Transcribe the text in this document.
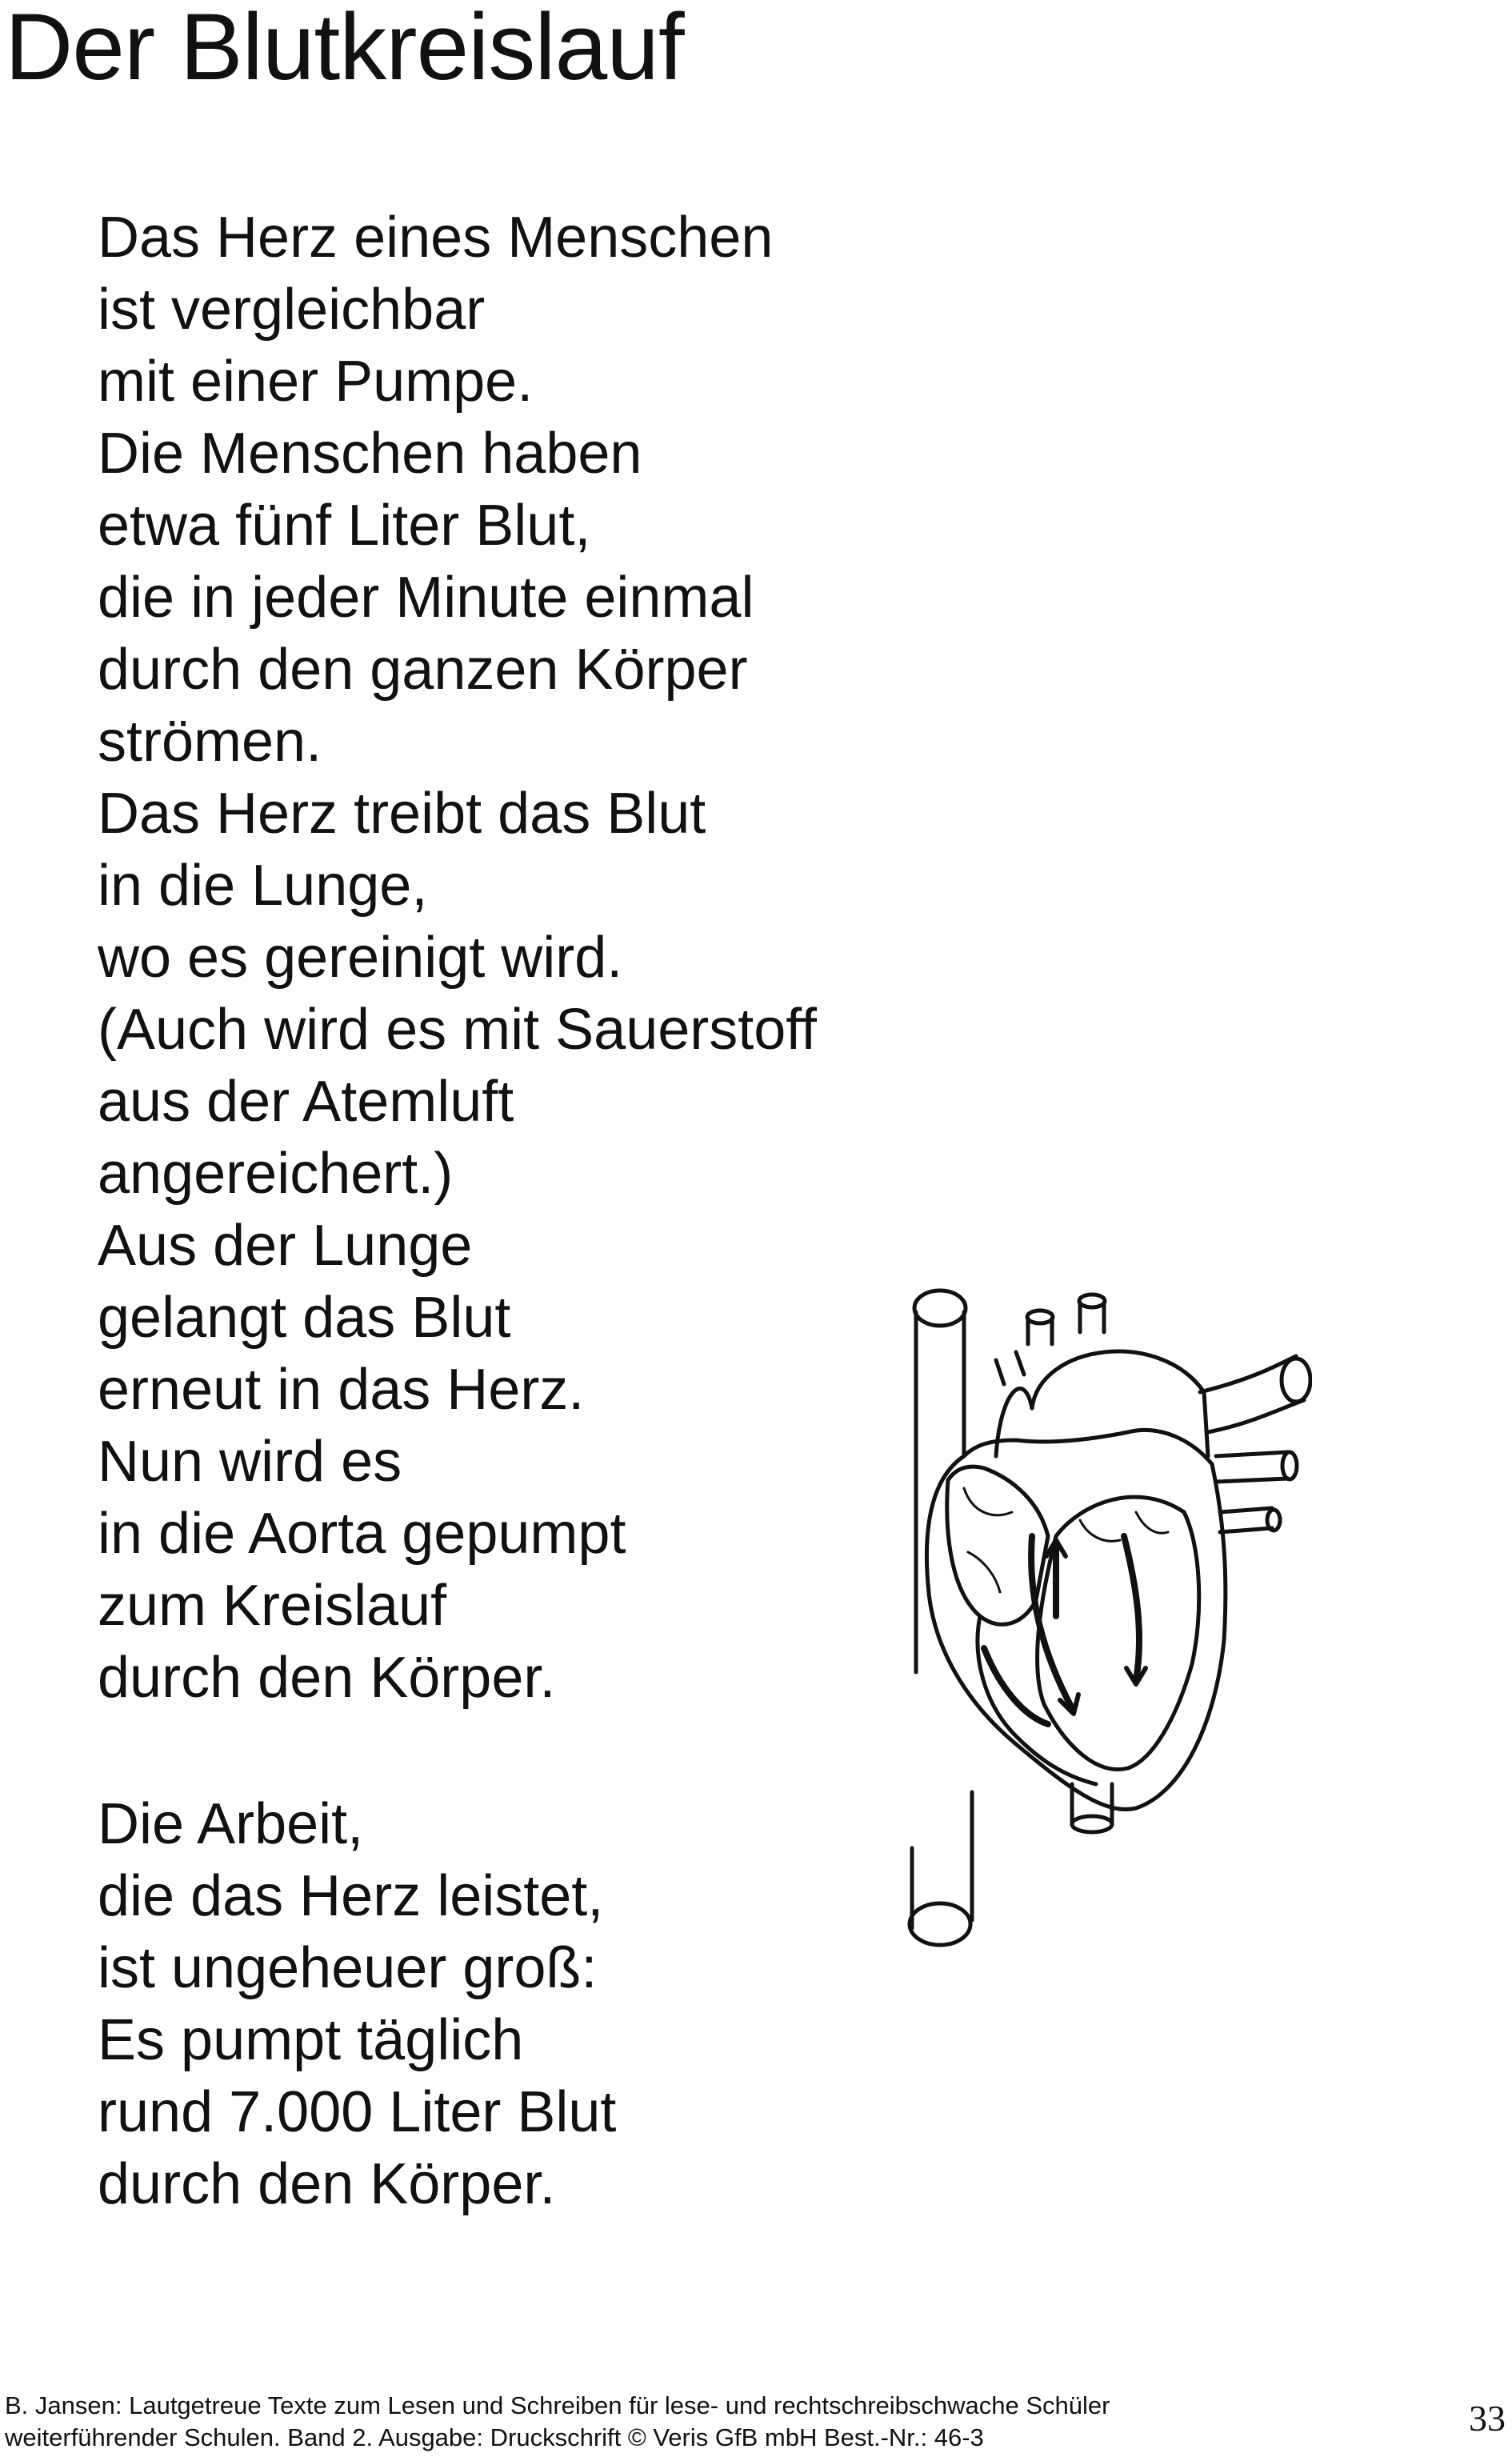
Der Blutkreislauf
Das Herz eines Menschen
ist vergleichbar
mit einer Pumpe.
Die Menschen haben
etwa fünf Liter Blut,
die in jeder Minute einmal
durch den ganzen Körper
strömen.
Das Herz treibt das Blut
in die Lunge,
wo es gereinigt wird.
(Auch wird es mit Sauerstoff
aus der Atemluft
angereichert.)
Aus der Lunge
gelangt das Blut
erneut in das Herz.
Nun wird es
in die Aorta gepumpt
zum Kreislauf
durch den Körper.
Die Arbeit,
die das Herz leistet,
ist ungeheuer groß:
Es pumpt täglich
rund 7.000 Liter Blut
durch den Körper.
B. Jansen: Lautgetreue Texte zum Lesen und Schreiben für lese- und rechtschreibschwache Schüler
weiterführender Schulen. Band 2. Ausgabe: Druckschrift © Veris GfB mbH Best.-Nr.: 46-3	33
